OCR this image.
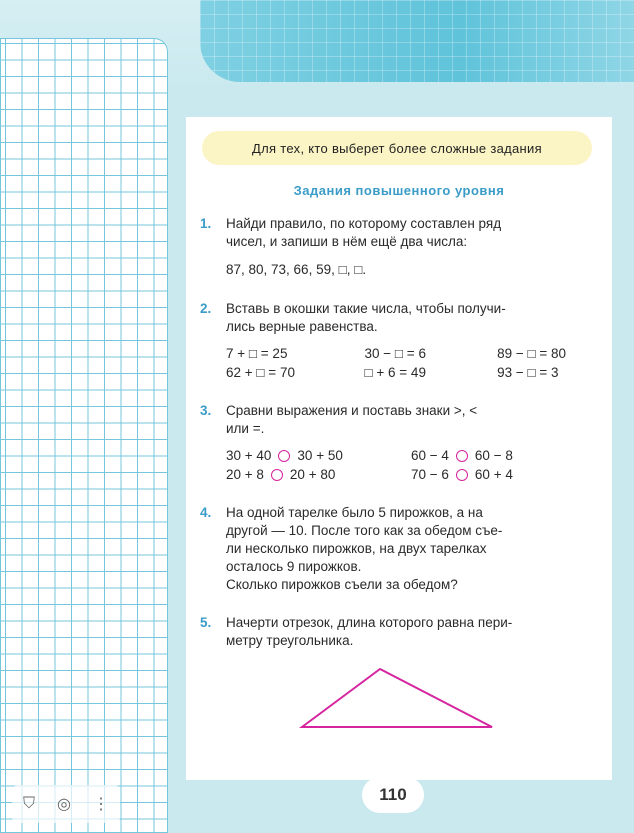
⛉ ◎ ⋮
Для тех, кто выберет более сложные задания
Задания повышенного уровня
1.	Найди правило, по которому составлен ряд
чисел, и запиши в нём ещё два числа:
87, 80, 73, 66, 59, □, □.
2.	Вставь в окошки такие числа, чтобы получи-
лись верные равенства.
7 + □ = 25	30 − □ = 6	89 − □ = 80
62 + □ = 70	□ + 6 = 49	93 − □ = 3
3.	Сравни выражения и поставь знаки >, <
или =.
30 + 40 30 + 50	60 − 4 60 − 8
20 + 8 20 + 80	70 − 6 60 + 4
4.	На одной тарелке было 5 пирожков, а на
другой — 10. После того как за обедом съе-
ли несколько пирожков, на двух тарелках
осталось 9 пирожков.
Сколько пирожков съели за обедом?
5.	Начерти отрезок, длина которого равна пери-
метру треугольника.
110
